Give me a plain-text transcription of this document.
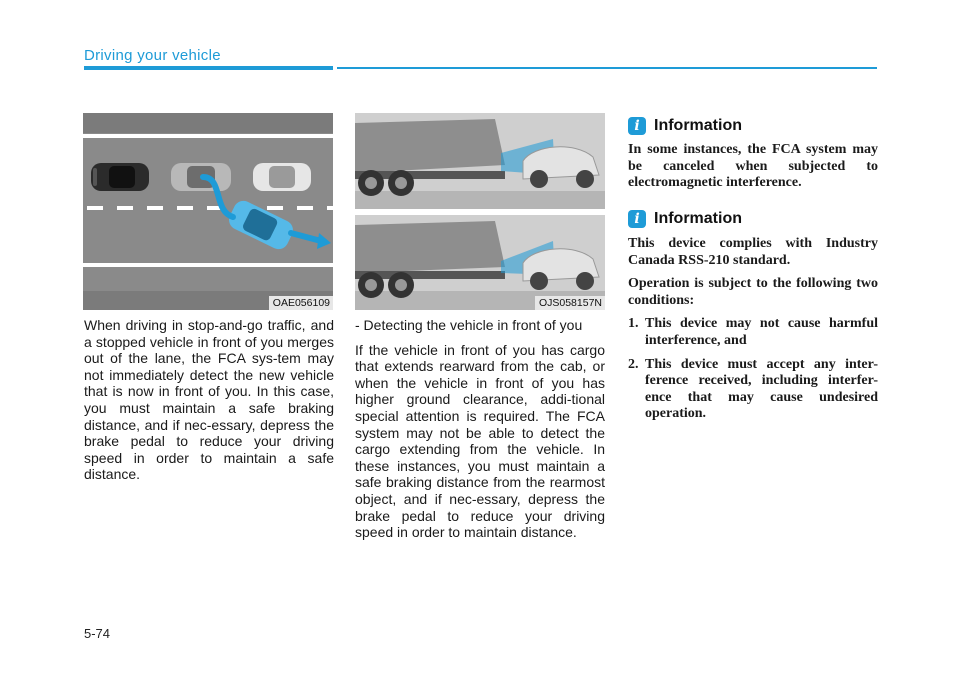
Driving your vehicle
OAE056109	OJS058157N

When driving in stop-and-go traffic, and a stopped vehicle in front of you merges out of the lane, the FCA sys-tem may not immediately detect the new vehicle that is now in front of you. In this case, you must maintain a safe braking distance, and if nec-essary, depress the brake pedal to reduce your driving speed in order to maintain a safe distance.

- Detecting the vehicle in front of you

If the vehicle in front of you has cargo that extends rearward from the cab, or when the vehicle in front of you has higher ground clearance, addi-tional special attention is required. The FCA system may not be able to detect the cargo extending from the vehicle. In these instances, you must maintain a safe braking distance from the rearmost object, and if nec-essary, depress the brake pedal to reduce your driving speed in order to maintain distance.

i Information

In some instances, the FCA system may be canceled when subjected to electromagnetic interference.

i Information

This device complies with Industry Canada RSS-210 standard.

Operation is subject to the following two conditions:

1. This device may not cause harmful interference, and
2. This device must accept any inter-ference received, including interfer-ence that may cause undesired operation.
5-74
